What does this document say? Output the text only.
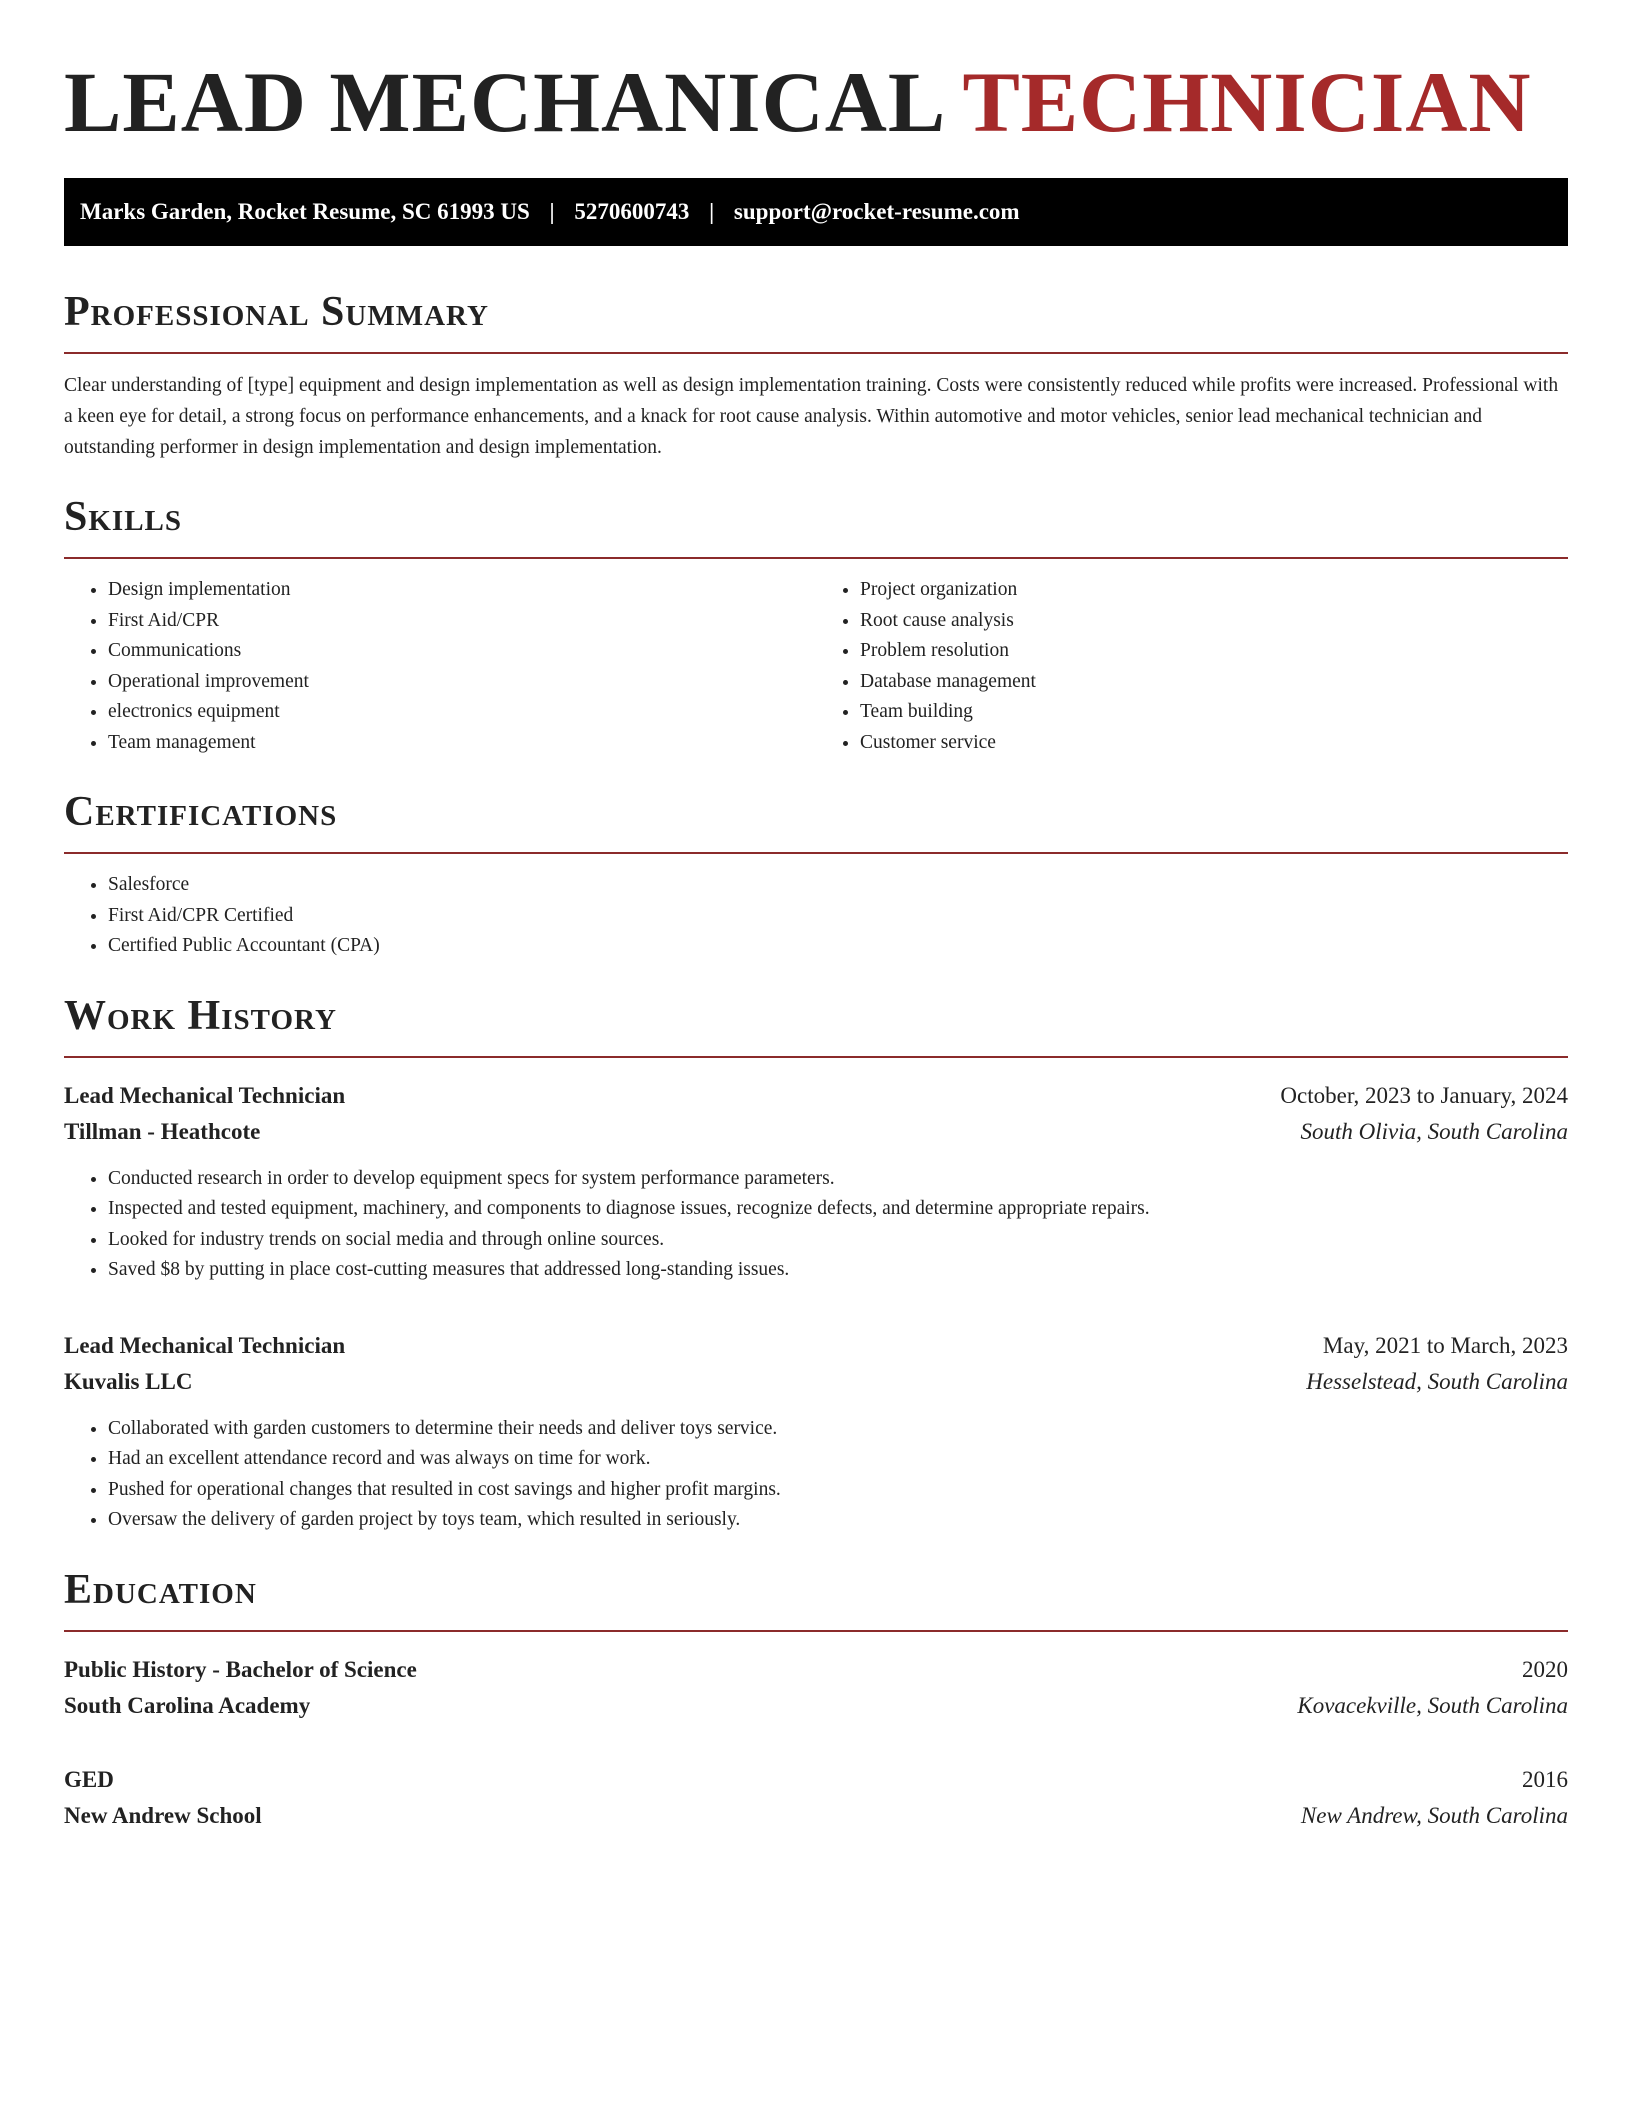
LEAD MECHANICAL TECHNICIAN
Marks Garden, Rocket Resume, SC 61993 US | 5270600743 | support@rocket-resume.com
Professional Summary

Clear understanding of [type] equipment and design implementation as well as design implementation training. Costs were consistently reduced while profits were increased. Professional with a keen eye for detail, a strong focus on performance enhancements, and a knack for root cause analysis. Within automotive and motor vehicles, senior lead mechanical technician and outstanding performer in design implementation and design implementation.

Skills
• Design implementation
• First Aid/CPR
• Communications
• Operational improvement
• electronics equipment
• Team management
• Project organization
• Root cause analysis
• Problem resolution
• Database management
• Team building
• Customer service
Certifications
• Salesforce
• First Aid/CPR Certified
• Certified Public Accountant (CPA)
Work History
Lead Mechanical Technician	October, 2023 to January, 2024
Tillman - Heathcote	South Olivia, South Carolina
• Conducted research in order to develop equipment specs for system performance parameters.
• Inspected and tested equipment, machinery, and components to diagnose issues, recognize defects, and determine appropriate repairs.
• Looked for industry trends on social media and through online sources.
• Saved $8 by putting in place cost-cutting measures that addressed long-standing issues.
Lead Mechanical Technician	May, 2021 to March, 2023
Kuvalis LLC	Hesselstead, South Carolina
• Collaborated with garden customers to determine their needs and deliver toys service.
• Had an excellent attendance record and was always on time for work.
• Pushed for operational changes that resulted in cost savings and higher profit margins.
• Oversaw the delivery of garden project by toys team, which resulted in seriously.
Education
Public History - Bachelor of Science	2020
South Carolina Academy	Kovacekville, South Carolina
GED	2016
New Andrew School	New Andrew, South Carolina
